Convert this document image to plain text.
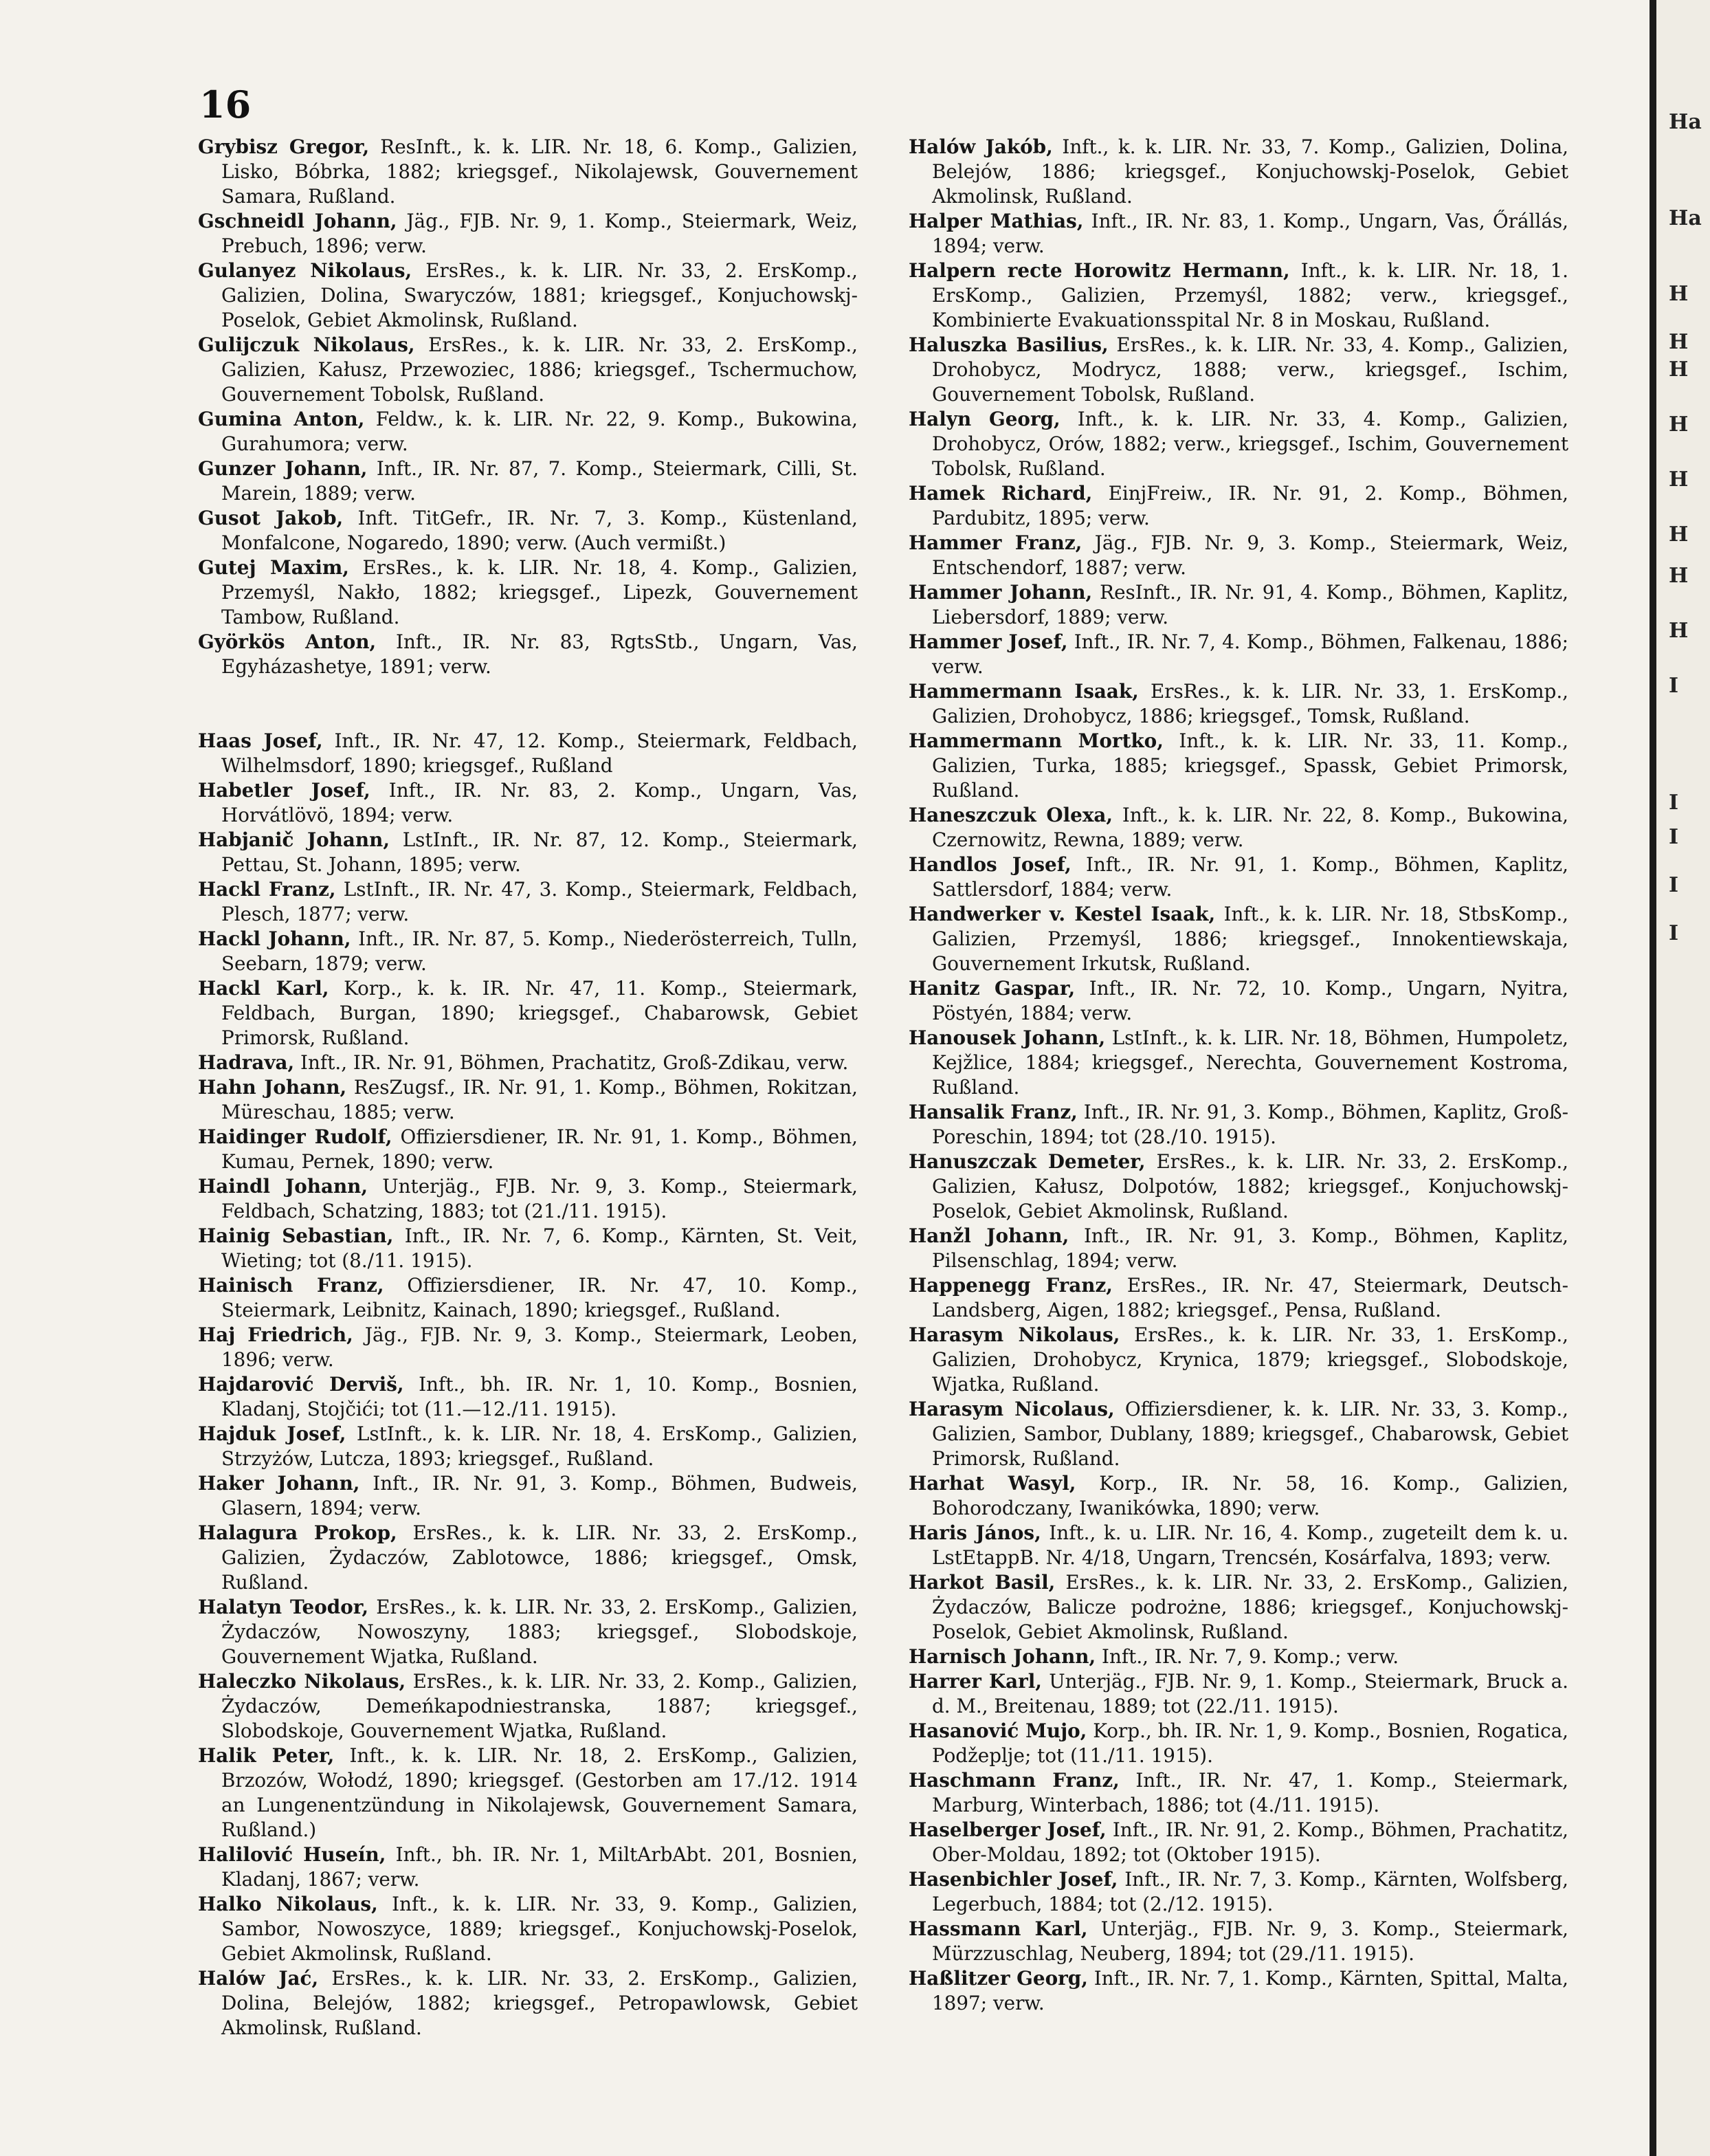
16

Grybisz Gregor, ResInft., k. k. LIR. Nr. 18, 6. Komp., Galizien, Lisko, Bóbrka, 1882; kriegsgef., Nikolajewsk, Gouvernement Samara, Rußland.

Gschneidl Johann, Jäg., FJB. Nr. 9, 1. Komp., Steiermark, Weiz, Prebuch, 1896; verw.

Gulanyez Nikolaus, ErsRes., k. k. LIR. Nr. 33, 2. ErsKomp., Galizien, Dolina, Swaryczów, 1881; kriegsgef., Konjuchowskj-Poselok, Gebiet Akmolinsk, Rußland.

Gulijczuk Nikolaus, ErsRes., k. k. LIR. Nr. 33, 2. ErsKomp., Galizien, Kałusz, Przewoziec, 1886; kriegsgef., Tschermuchow, Gouvernement Tobolsk, Rußland.

Gumina Anton, Feldw., k. k. LIR. Nr. 22, 9. Komp., Bukowina, Gurahumora; verw.

Gunzer Johann, Inft., IR. Nr. 87, 7. Komp., Steiermark, Cilli, St. Marein, 1889; verw.

Gusot Jakob, Inft. TitGefr., IR. Nr. 7, 3. Komp., Küstenland, Monfalcone, Nogaredo, 1890; verw. (Auch vermißt.)

Gutej Maxim, ErsRes., k. k. LIR. Nr. 18, 4. Komp., Galizien, Przemyśl, Nakło, 1882; kriegsgef., Lipezk, Gouvernement Tambow, Rußland.

Györkös Anton, Inft., IR. Nr. 83, RgtsStb., Ungarn, Vas, Egyházashetye, 1891; verw.

Haas Josef, Inft., IR. Nr. 47, 12. Komp., Steiermark, Feldbach, Wilhelmsdorf, 1890; kriegsgef., Rußland

Habetler Josef, Inft., IR. Nr. 83, 2. Komp., Ungarn, Vas, Horvátlövö, 1894; verw.

Habjanič Johann, LstInft., IR. Nr. 87, 12. Komp., Steiermark, Pettau, St. Johann, 1895; verw.

Hackl Franz, LstInft., IR. Nr. 47, 3. Komp., Steiermark, Feldbach, Plesch, 1877; verw.

Hackl Johann, Inft., IR. Nr. 87, 5. Komp., Niederösterreich, Tulln, Seebarn, 1879; verw.

Hackl Karl, Korp., k. k. IR. Nr. 47, 11. Komp., Steiermark, Feldbach, Burgan, 1890; kriegsgef., Chabarowsk, Gebiet Primorsk, Rußland.

Hadrava, Inft., IR. Nr. 91, Böhmen, Prachatitz, Groß-Zdikau, verw.

Hahn Johann, ResZugsf., IR. Nr. 91, 1. Komp., Böhmen, Rokitzan, Müreschau, 1885; verw.

Haidinger Rudolf, Offiziersdiener, IR. Nr. 91, 1. Komp., Böhmen, Kumau, Pernek, 1890; verw.

Haindl Johann, Unterjäg., FJB. Nr. 9, 3. Komp., Steiermark, Feldbach, Schatzing, 1883; tot (21./11. 1915).

Hainig Sebastian, Inft., IR. Nr. 7, 6. Komp., Kärnten, St. Veit, Wieting; tot (8./11. 1915).

Hainisch Franz, Offiziersdiener, IR. Nr. 47, 10. Komp., Steiermark, Leibnitz, Kainach, 1890; kriegsgef., Rußland.

Haj Friedrich, Jäg., FJB. Nr. 9, 3. Komp., Steiermark, Leoben, 1896; verw.

Hajdarović Derviš, Inft., bh. IR. Nr. 1, 10. Komp., Bosnien, Kladanj, Stojčići; tot (11.—12./11. 1915).

Hajduk Josef, LstInft., k. k. LIR. Nr. 18, 4. ErsKomp., Galizien, Strzyżów, Lutcza, 1893; kriegsgef., Rußland.

Haker Johann, Inft., IR. Nr. 91, 3. Komp., Böhmen, Budweis, Glasern, 1894; verw.

Halagura Prokop, ErsRes., k. k. LIR. Nr. 33, 2. ErsKomp., Galizien, Żydaczów, Zablotowce, 1886; kriegsgef., Omsk, Rußland.

Halatyn Teodor, ErsRes., k. k. LIR. Nr. 33, 2. ErsKomp., Galizien, Żydaczów, Nowoszyny, 1883; kriegsgef., Slobodskoje, Gouvernement Wjatka, Rußland.

Haleczko Nikolaus, ErsRes., k. k. LIR. Nr. 33, 2. Komp., Galizien, Żydaczów, Demeńkapodniestranska, 1887; kriegsgef., Slobodskoje, Gouvernement Wjatka, Rußland.

Halik Peter, Inft., k. k. LIR. Nr. 18, 2. ErsKomp., Galizien, Brzozów, Wołodź, 1890; kriegsgef. (Gestorben am 17./12. 1914 an Lungenentzündung in Nikolajewsk, Gouvernement Samara, Rußland.)

Halilović Huseín, Inft., bh. IR. Nr. 1, MiltArbAbt. 201, Bosnien, Kladanj, 1867; verw.

Halko Nikolaus, Inft., k. k. LIR. Nr. 33, 9. Komp., Galizien, Sambor, Nowoszyce, 1889; kriegsgef., Konjuchowskj-Poselok, Gebiet Akmolinsk, Rußland.

Halów Jać, ErsRes., k. k. LIR. Nr. 33, 2. ErsKomp., Galizien, Dolina, Belejów, 1882; kriegsgef., Petropawlowsk, Gebiet Akmolinsk, Rußland.

Halów Jakób, Inft., k. k. LIR. Nr. 33, 7. Komp., Galizien, Dolina, Belejów, 1886; kriegsgef., Konjuchowskj-Poselok, Gebiet Akmolinsk, Rußland.

Halper Mathias, Inft., IR. Nr. 83, 1. Komp., Ungarn, Vas, Őrállás, 1894; verw.

Halpern recte Horowitz Hermann, Inft., k. k. LIR. Nr. 18, 1. ErsKomp., Galizien, Przemyśl, 1882; verw., kriegsgef., Kombinierte Evakuationsspital Nr. 8 in Moskau, Rußland.

Haluszka Basilius, ErsRes., k. k. LIR. Nr. 33, 4. Komp., Galizien, Drohobycz, Modrycz, 1888; verw., kriegsgef., Ischim, Gouvernement Tobolsk, Rußland.

Halyn Georg, Inft., k. k. LIR. Nr. 33, 4. Komp., Galizien, Drohobycz, Orów, 1882; verw., kriegsgef., Ischim, Gouvernement Tobolsk, Rußland.

Hamek Richard, EinjFreiw., IR. Nr. 91, 2. Komp., Böhmen, Pardubitz, 1895; verw.

Hammer Franz, Jäg., FJB. Nr. 9, 3. Komp., Steiermark, Weiz, Entschendorf, 1887; verw.

Hammer Johann, ResInft., IR. Nr. 91, 4. Komp., Böhmen, Kaplitz, Liebersdorf, 1889; verw.

Hammer Josef, Inft., IR. Nr. 7, 4. Komp., Böhmen, Falkenau, 1886; verw.

Hammermann Isaak, ErsRes., k. k. LIR. Nr. 33, 1. ErsKomp., Galizien, Drohobycz, 1886; kriegsgef., Tomsk, Rußland.

Hammermann Mortko, Inft., k. k. LIR. Nr. 33, 11. Komp., Galizien, Turka, 1885; kriegsgef., Spassk, Gebiet Primorsk, Rußland.

Haneszczuk Olexa, Inft., k. k. LIR. Nr. 22, 8. Komp., Bukowina, Czernowitz, Rewna, 1889; verw.

Handlos Josef, Inft., IR. Nr. 91, 1. Komp., Böhmen, Kaplitz, Sattlersdorf, 1884; verw.

Handwerker v. Kestel Isaak, Inft., k. k. LIR. Nr. 18, StbsKomp., Galizien, Przemyśl, 1886; kriegsgef., Innokentiewskaja, Gouvernement Irkutsk, Rußland.

Hanitz Gaspar, Inft., IR. Nr. 72, 10. Komp., Ungarn, Nyitra, Pöstyén, 1884; verw.

Hanousek Johann, LstInft., k. k. LIR. Nr. 18, Böhmen, Humpoletz, Kejžlice, 1884; kriegsgef., Nerechta, Gouvernement Kostroma, Rußland.

Hansalik Franz, Inft., IR. Nr. 91, 3. Komp., Böhmen, Kaplitz, Groß-Poreschin, 1894; tot (28./10. 1915).

Hanuszczak Demeter, ErsRes., k. k. LIR. Nr. 33, 2. ErsKomp., Galizien, Kałusz, Dolpotów, 1882; kriegsgef., Konjuchowskj-Poselok, Gebiet Akmolinsk, Rußland.

Hanžl Johann, Inft., IR. Nr. 91, 3. Komp., Böhmen, Kaplitz, Pilsenschlag, 1894; verw.

Happenegg Franz, ErsRes., IR. Nr. 47, Steiermark, Deutsch-Landsberg, Aigen, 1882; kriegsgef., Pensa, Rußland.

Harasym Nikolaus, ErsRes., k. k. LIR. Nr. 33, 1. ErsKomp., Galizien, Drohobycz, Krynica, 1879; kriegsgef., Slobodskoje, Wjatka, Rußland.

Harasym Nicolaus, Offiziersdiener, k. k. LIR. Nr. 33, 3. Komp., Galizien, Sambor, Dublany, 1889; kriegsgef., Chabarowsk, Gebiet Primorsk, Rußland.

Harhat Wasyl, Korp., IR. Nr. 58, 16. Komp., Galizien, Bohorodczany, Iwanikówka, 1890; verw.

Haris János, Inft., k. u. LIR. Nr. 16, 4. Komp., zugeteilt dem k. u. LstEtappB. Nr. 4/18, Ungarn, Trencsén, Kosárfalva, 1893; verw.

Harkot Basil, ErsRes., k. k. LIR. Nr. 33, 2. ErsKomp., Galizien, Żydaczów, Balicze podrożne, 1886; kriegsgef., Konjuchowskj-Poselok, Gebiet Akmolinsk, Rußland.

Harnisch Johann, Inft., IR. Nr. 7, 9. Komp.; verw.

Harrer Karl, Unterjäg., FJB. Nr. 9, 1. Komp., Steiermark, Bruck a. d. M., Breitenau, 1889; tot (22./11. 1915).

Hasanović Mujo, Korp., bh. IR. Nr. 1, 9. Komp., Bosnien, Rogatica, Podžeplje; tot (11./11. 1915).

Haschmann Franz, Inft., IR. Nr. 47, 1. Komp., Steiermark, Marburg, Winterbach, 1886; tot (4./11. 1915).

Haselberger Josef, Inft., IR. Nr. 91, 2. Komp., Böhmen, Prachatitz, Ober-Moldau, 1892; tot (Oktober 1915).

Hasenbichler Josef, Inft., IR. Nr. 7, 3. Komp., Kärnten, Wolfsberg, Legerbuch, 1884; tot (2./12. 1915).

Hassmann Karl, Unterjäg., FJB. Nr. 9, 3. Komp., Steiermark, Mürzzuschlag, Neuberg, 1894; tot (29./11. 1915).

Haßlitzer Georg, Inft., IR. Nr. 7, 1. Komp., Kärnten, Spittal, Malta, 1897; verw.

Ha
Ha
H
H
H
H
H
H
H
H
I
I
I
I
I
